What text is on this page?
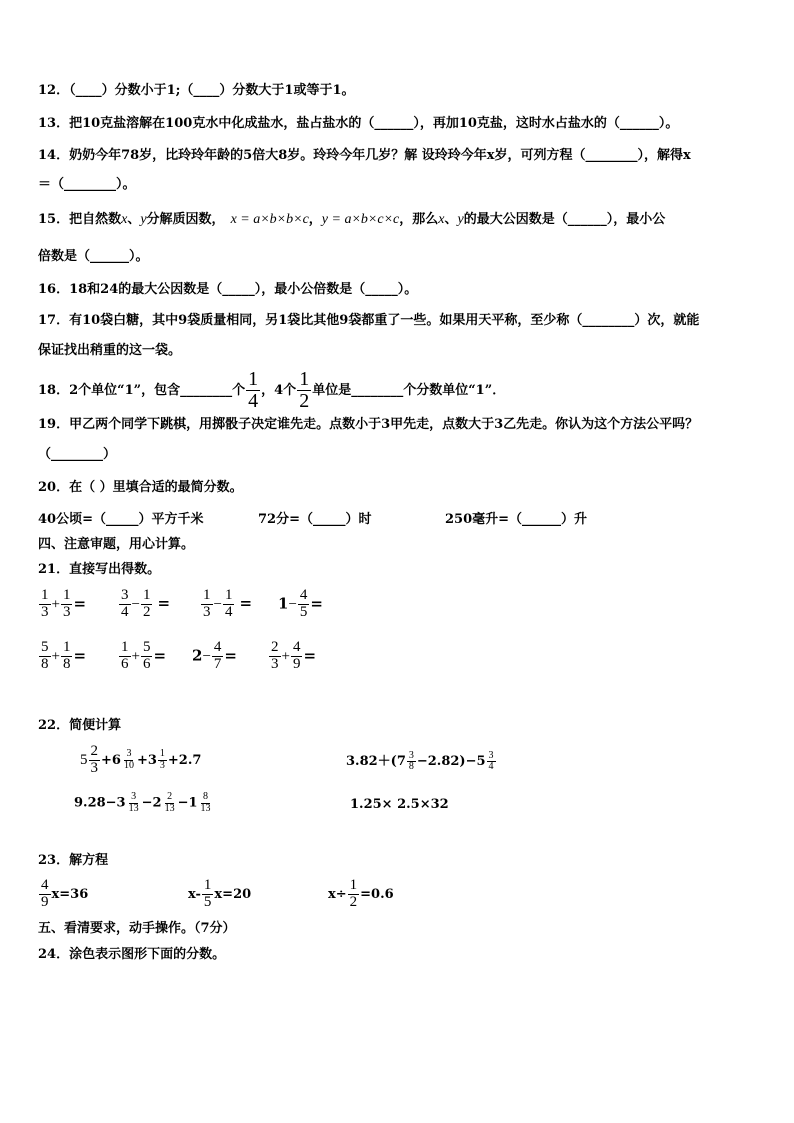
12．（____）分数小于1;（____）分数大于1或等于1。
13．把10克盐溶解在100克水中化成盐水，盐占盐水的（______），再加10克盐，这时水占盐水的（______）。
14．奶奶今年78岁，比玲玲年龄的5倍大8岁。玲玲今年几岁？解 设玲玲今年x岁，可列方程（________），解得x
＝（________）。
15．把自然数x、y分解质因数， x = a×b×b×c，y = a×b×c×c，那么x、y的最大公因数是（______），最小公
倍数是（______）。
16．18和24的最大公因数是（_____），最小公倍数是（_____）。
17．有10袋白糖，其中9袋质量相同，另1袋比其他9袋都重了一些。如果用天平称，至少称（________）次，就能
保证找出稍重的这一袋。
18．2个单位“1”，包含________个 $\frac{1}{4}$ ，4个 $\frac{1}{2}$ 单位是________个分数单位“1”．
19．甲乙两个同学下跳棋，用掷骰子决定谁先走。点数小于3甲先走，点数大于3乙先走。你认为这个方法公平吗？
（________）
20．在（ ）里填合适的最简分数。
40公顷=（_____）平方千米	72分=（_____）时	250毫升=（______）升
四、注意审题，用心计算。
21．直接写出得数。
$\frac{1}{3} + \frac{1}{3} = \frac{3}{4} - \frac{1}{2} = \frac{1}{3} - \frac{1}{4} = 1- \frac{4}{5}$ =
$\frac{5}{8} + \frac{1}{8} = \frac{1}{6} + \frac{5}{6} = 2- \frac{4}{7} = \frac{2}{3} + \frac{4}{9}$ =
22．简便计算
$5 \frac{2}{3} +6 \frac{3}{10} +3 \frac{1}{3} +2.7$	$3.82+(7 \frac{3}{8} -2.82)-5 \frac{3}{4}$
$9.28-3 \frac{3}{13} -2 \frac{2}{13} -1 \frac{8}{13}$	1.25× 2.5×32
23．解方程
$\frac{4}{9} x=36$	$x- \frac{1}{5} x=20$	$x\div \frac{1}{2} =0.6$
五、看清要求，动手操作。（7分）
24．涂色表示图形下面的分数。
